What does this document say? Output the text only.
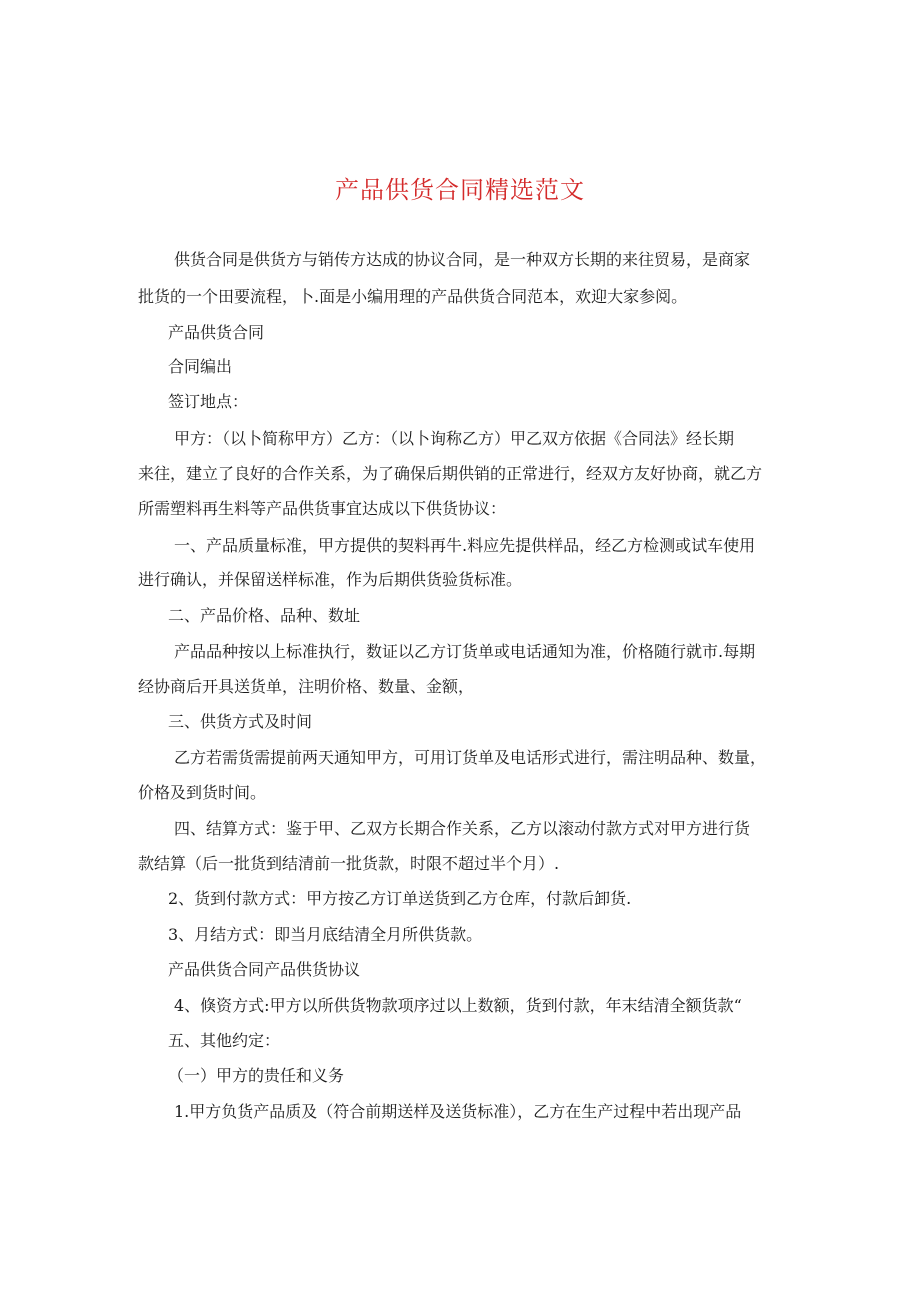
产品供货合同精选范文

供货合同是供货方与销传方达成的协议合同，是一种双方长期的来往贸易，是商家

批货的一个田要流程，卜.面是小编用理的产品供货合同范本，欢迎大家参阅。

产品供货合同

合同编出

签订地点：

甲方：（以卜简称甲方）乙方：（以卜询称乙方）甲乙双方依据《合同法》经长期

来往，建立了良好的合作关系，为了确保后期供销的正常进行，经双方友好协商，就乙方

所需塑料再生料等产品供货事宜达成以下供货协议：

一、产品质量标准，甲方提供的契料再牛.料应先提供样品，经乙方检测或试车使用

进行确认，并保留送样标准，作为后期供货验货标准。

二、产品价格、品种、数址

产品品种按以上标准执行，数证以乙方订货单或电话通知为准，价格随行就市.每期

经协商后开具送货单，注明价格、数量、金额，

三、供货方式及时间

乙方若需货需提前两天通知甲方，可用订货单及电话形式进行，需注明品种、数量，

价格及到货时间。

四、结算方式：鉴于甲、乙双方长期合作关系，乙方以滚动付款方式对甲方进行货

款结算（后一批货到结清前一批货款，时限不超过半个月）.

2、货到付款方式：甲方按乙方订单送货到乙方仓库，付款后卸货.

3、月结方式：即当月底结清全月所供货款。

产品供货合同产品供货协议

4、倏资方式:甲方以所供货物款项序过以上数额，货到付款，年末结清全额货款“

五、其他约定：

（一）甲方的贵任和义务

1.甲方负货产品质及（符合前期送样及送货标准），乙方在生产过程中若出现产品
